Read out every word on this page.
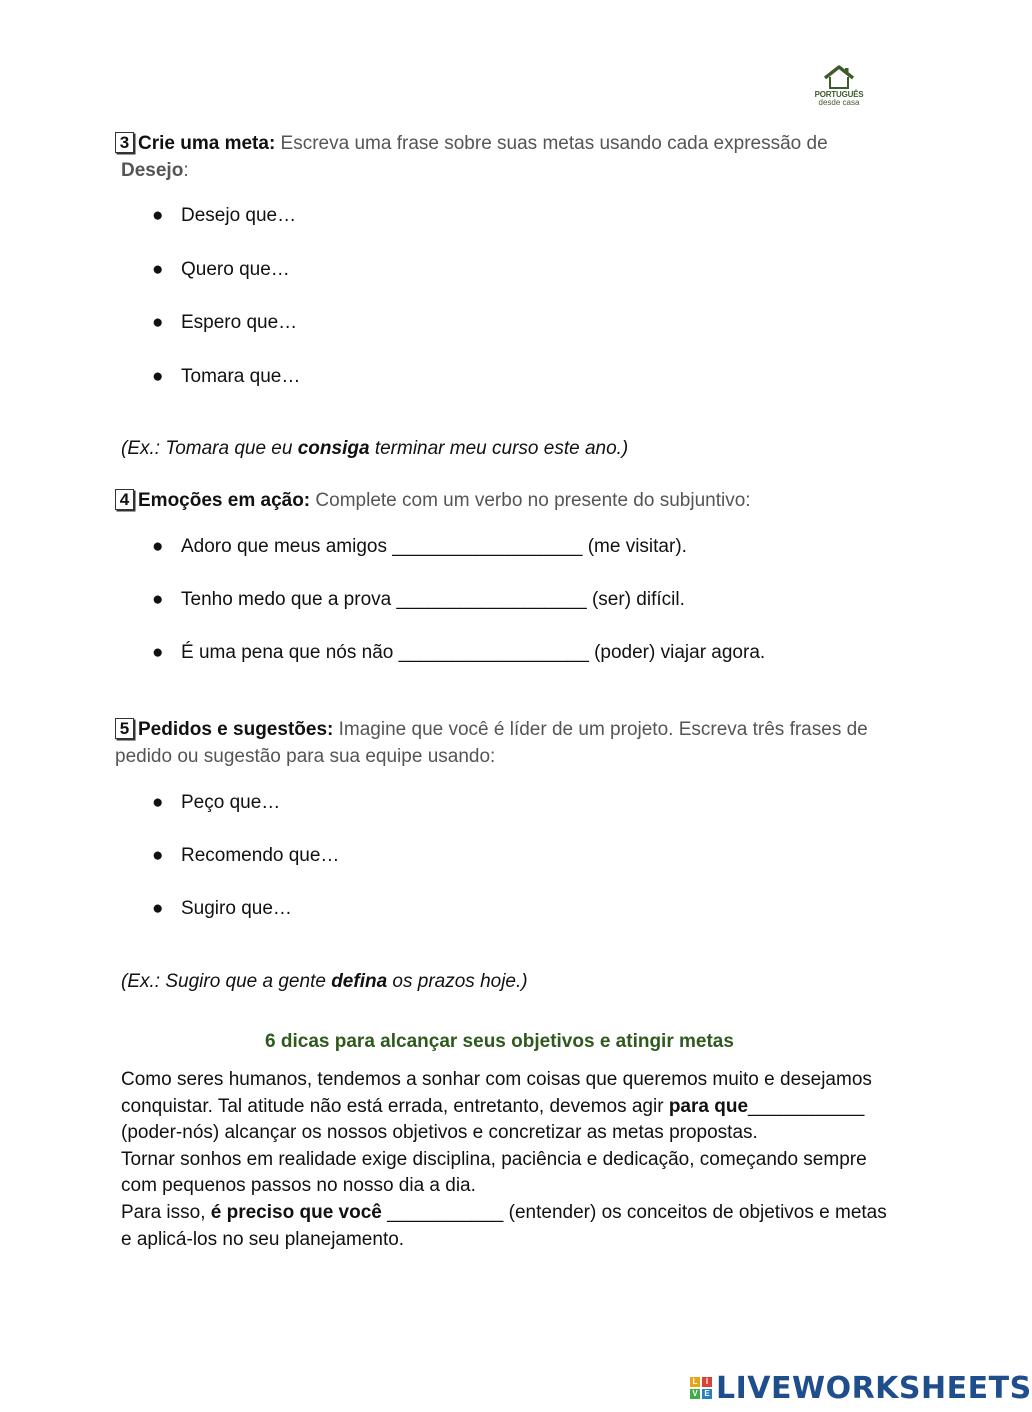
PORTUGUÊS
desde casa
3 Crie uma meta: Escreva uma frase sobre suas metas usando cada expressão de
Desejo:
● Desejo que…
● Quero que…
● Espero que…
● Tomara que…
(Ex.: Tomara que eu consiga terminar meu curso este ano.)
4 Emoções em ação: Complete com um verbo no presente do subjuntivo:
● Adoro que meus amigos __________________ (me visitar).
● Tenho medo que a prova __________________ (ser) difícil.
● É uma pena que nós não __________________ (poder) viajar agora.
5 Pedidos e sugestões: Imagine que você é líder de um projeto. Escreva três frases de pedido ou sugestão para sua equipe usando:
● Peço que…
● Recomendo que…
● Sugiro que…
(Ex.: Sugiro que a gente defina os prazos hoje.)
6 dicas para alcançar seus objetivos e atingir metas
Como seres humanos, tendemos a sonhar com coisas que queremos muito e desejamos conquistar. Tal atitude não está errada, entretanto, devemos agir para que___________ (poder-nós) alcançar os nossos objetivos e concretizar as metas propostas.
Tornar sonhos em realidade exige disciplina, paciência e dedicação, começando sempre com pequenos passos no nosso dia a dia.
Para isso, é preciso que você ___________ (entender) os conceitos de objetivos e metas e aplicá-los no seu planejamento.
L	I
V E LIVEWORKSHEETS
